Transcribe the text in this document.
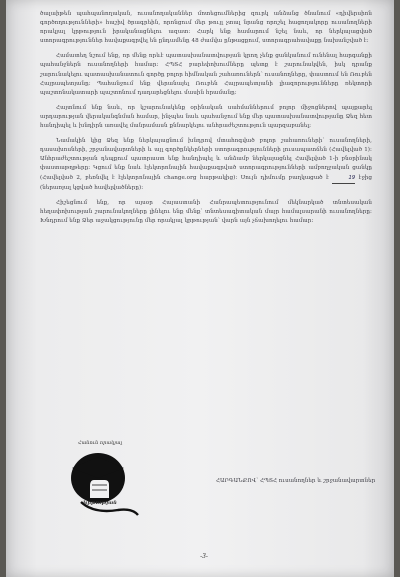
ծալաիթեն պահպանողական, ուսանողականներ մոտեցումներից զուրկ անձանց ծնանում «դիվերսիոն գործողությունների» հաշիվ ծրագրեին, որոնցում մեր թույլ չտալ նրանց որոշել հացողակորը ուսանողների որակյալ կրթություն իրականացնելու ազատ։ Հարկ ենք համարում նշել նաև, որ ներկայացված ստորագրություններ հավաքագրվել են ընդամենը 48 ժամվա ընթացքում, ստորագրահավաքը նախանշված է։

Համատեղ նշում ենք, որ մենք որևէ պատասխանատվության կրող չենք ցանկանում ունենալ հարգանքի պահանջներն ուսանողների համար։ ՀՊՏՀ բարեփոխումները պետք է շարունակվեն, իսկ դրանք շարունակելու պատասխանատուն գործը բոլոր հիմնական շահառուներն՝ ուսանողները, փաստում են Ռուբեն Հայրապետյանը։ Պահանջում ենք վերանայել Ռուբեն Հայրապետյանի լիազորությունները ռեկտորի պաշտոնակատարի պաշտոնում դադարեցնելու մասին հրամանը։

Հայտնում ենք նաև, որ կշարունակենք օրինական սահմաններում բոլոր միջոցներով պայքարել արդարության վերականգնման համար, ինչպես նաև պահանջում ենք մեր պատասխանատվությանը Ձեզ հետ հանդիպել և խնդիրն առավել մանրամասն քննարկելու անհրաժեշտություն պարզաբանել։

Նամակին կից Ձեզ ենք ներկայացնում խնդրով մտահոգված բոլոր շահառուների՝ ուսանողների, դասախոսների, շրջանավարտների և այլ գործընկերների ստորագրությունների լուսապատճեն (Հավելված 1)։ Անհրաժեշտության դեպքում պատրաստ ենք հանդիպել և անձամբ ներկայացնել Հավելված 1-ի բնօրինակ փաստաթղթերը։ Կցում ենք նաև էլեկտրոնային հավաքագրված ստորագրությունների ամբողջական ցանկը (Հավելված 2, բեռնվել է էլեկտրոնային change.org հարթակից)։ Սույն դիմումը բաղկացած է	19 էջից (ներառյալ կցված հավելվածները)։

Հիշեցնում ենք, որ այսօր Հայաստանի Հանրապետությունում մեկնարկած տնտեսական հեղափոխության շարունակողները լինելու ենք մենք՝ տնտեսագիտական մայր համալսարանի ուսանողները։ Խնդրում ենք Ձեր աջակցությունը մեր որակյալ կրթության՝ վարն այն չճախողելու համար։

Հանուն որակյալ
Կրթության
ՀԱՐԳԱՆՔՈՎ՝ ՀՊՏՀ ուսանողներ և շրջանավարտներ
-3-
